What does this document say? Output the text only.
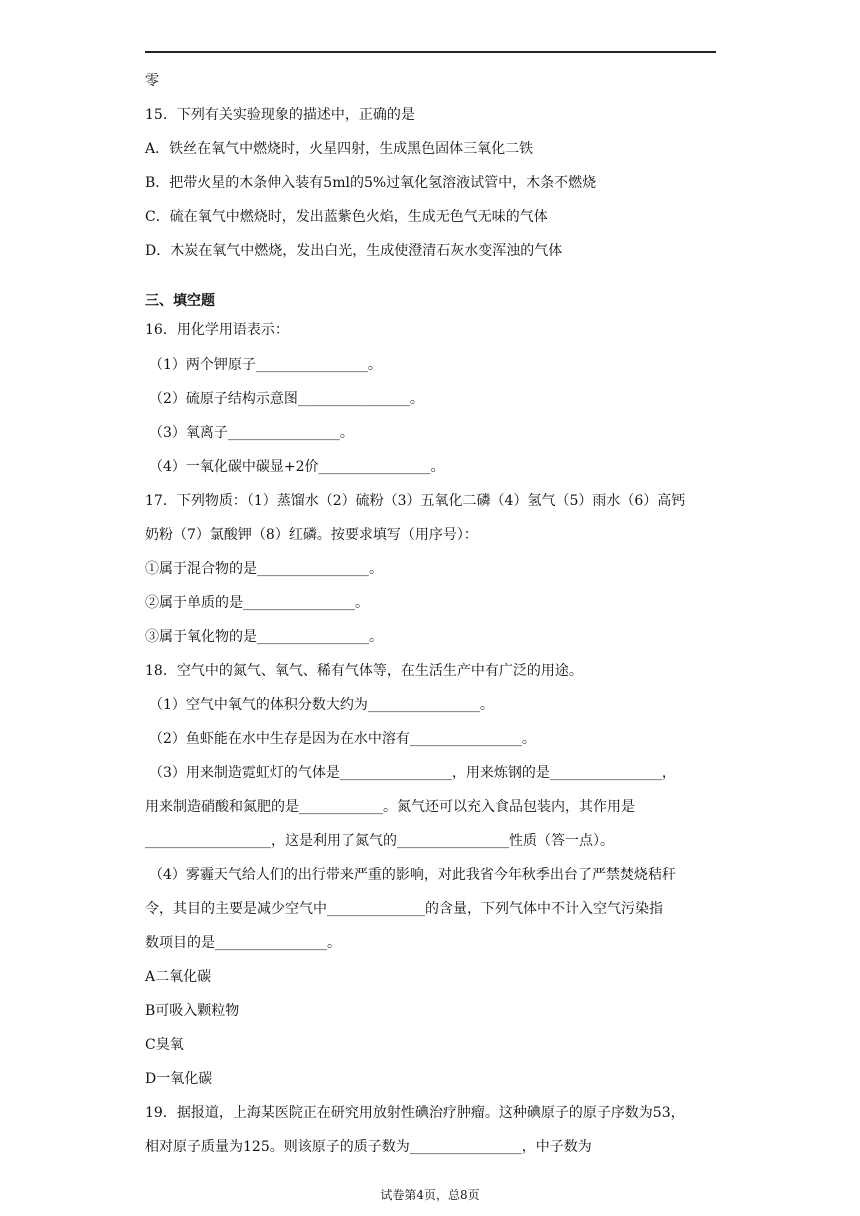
零
15．下列有关实验现象的描述中，正确的是
A．铁丝在氧气中燃烧时，火星四射，生成黑色固体三氧化二铁
B．把带火星的木条伸入装有5ml的5%过氧化氢溶液试管中，木条不燃烧
C．硫在氧气中燃烧时，发出蓝紫色火焰，生成无色气无味的气体
D．木炭在氧气中燃烧，发出白光，生成使澄清石灰水变浑浊的气体
三、填空题
16．用化学用语表示：
（1）两个钾原子________________。
（2）硫原子结构示意图________________。
（3）氧离子________________。
（4）一氧化碳中碳显+2价________________。
17．下列物质：（1）蒸馏水（2）硫粉（3）五氧化二磷（4）氢气（5）雨水（6）高钙
奶粉（7）氯酸钾（8）红磷。按要求填写（用序号）：
①属于混合物的是________________。
②属于单质的是________________。
③属于氧化物的是________________。
18．空气中的氮气、氧气、稀有气体等，在生活生产中有广泛的用途。
（1）空气中氧气的体积分数大约为________________。
（2）鱼虾能在水中生存是因为在水中溶有________________。
（3）用来制造霓虹灯的气体是________________，用来炼钢的是________________，
用来制造硝酸和氮肥的是____________。氮气还可以充入食品包装内，其作用是
__________________，这是利用了氮气的________________性质（答一点）。
（4）雾霾天气给人们的出行带来严重的影响，对此我省今年秋季出台了严禁焚烧秸秆
令，其目的主要是减少空气中______________的含量，下列气体中不计入空气污染指
数项目的是________________。
A二氧化碳
B可吸入颗粒物
C臭氧
D一氧化碳
19．据报道，上海某医院正在研究用放射性碘治疗肿瘤。这种碘原子的原子序数为53，
相对原子质量为125。则该原子的质子数为________________，中子数为
试卷第4页，总8页
